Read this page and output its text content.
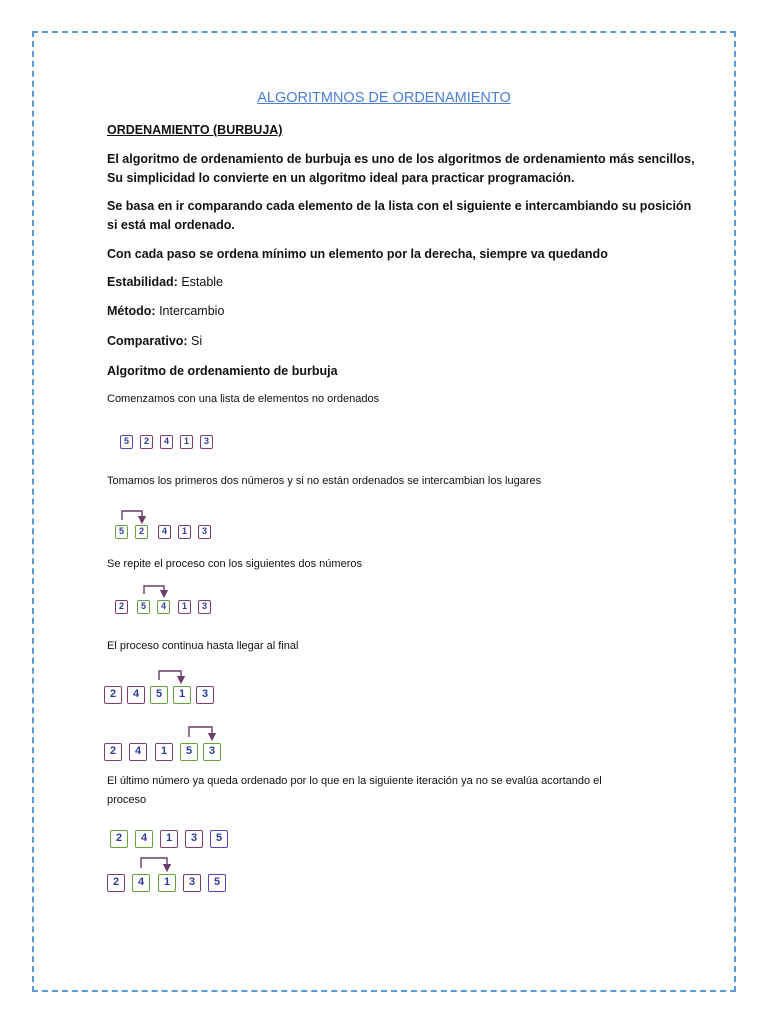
ALGORITMNOS DE ORDENAMIENTO
ORDENAMIENTO (BURBUJA)
El algoritmo de ordenamiento de burbuja es uno de los algoritmos de ordenamiento más sencillos,
Su simplicidad lo convierte en un algoritmo ideal para practicar programación.
Se basa en ir comparando cada elemento de la lista con el siguiente e intercambiando su posición
si está mal ordenado.
Con cada paso se ordena mínimo un elemento por la derecha, siempre va quedando
Estabilidad: Estable
Método: Intercambio
Comparativo: Si
Algoritmo de ordenamiento de burbuja
Comenzamos con una lista de elementos no ordenados
5	2	4	1	3
Tomamos los primeros dos números y si no están ordenados se intercambian los lugares
5	2	4	1	3
Se repite el proceso con los siguientes dos números
2	5	4	1	3
El proceso continua hasta llegar al final
2	4	5	1	3
2	4	1	5	3
El último número ya queda ordenado por lo que en la siguiente iteración ya no se evalúa acortando el
proceso
2	4	1	3	5
2	4	1	3	5
